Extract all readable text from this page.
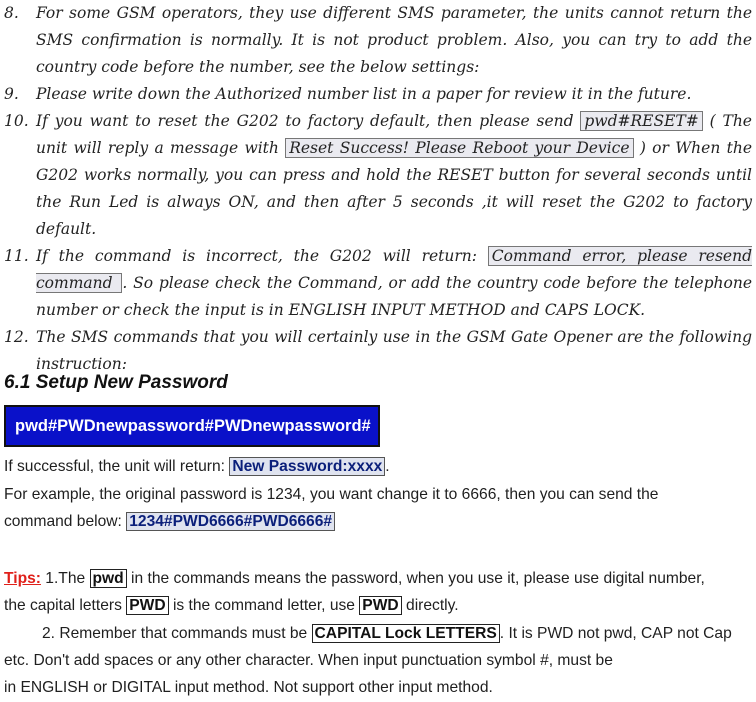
8.	For some GSM operators, they use different SMS parameter, the units cannot return the SMS confirmation is normally. It is not product problem. Also, you can try to add the country code before the number, see the below settings:
9.	Please write down the Authorized number list in a paper for review it in the future.
10. If you want to reset the G202 to factory default, then please send pwd#RESET# ( The unit will reply a message with Reset Success! Please Reboot your Device ) or When the G202 works normally, you can press and hold the RESET button for several seconds until the Run Led is always ON, and then after 5 seconds ,it will reset the G202 to factory default.
11. If the command is incorrect, the G202 will return: Command error, please resend command . So please check the Command, or add the country code before the telephone number or check the input is in ENGLISH INPUT METHOD and CAPS LOCK.
12. The SMS commands that you will certainly use in the GSM Gate Opener are the following instruction:
6.1 Setup New Password
pwd#PWDnewpassword#PWDnewpassword#
If successful, the unit will return: New Password:xxxx .
For example, the original password is 1234, you want change it to 6666, then you can send the
command below: 1234#PWD6666#PWD6666#
Tips: 1.The pwd in the commands means the password, when you use it, please use digital number,
the capital letters PWD is the command letter, use PWD directly.
2. Remember that commands must be CAPITAL Lock LETTERS . It is PWD not pwd, CAP not Cap
etc. Don't add spaces or any other character. When input punctuation symbol #, must be
in ENGLISH or DIGITAL input method. Not support other input method.
